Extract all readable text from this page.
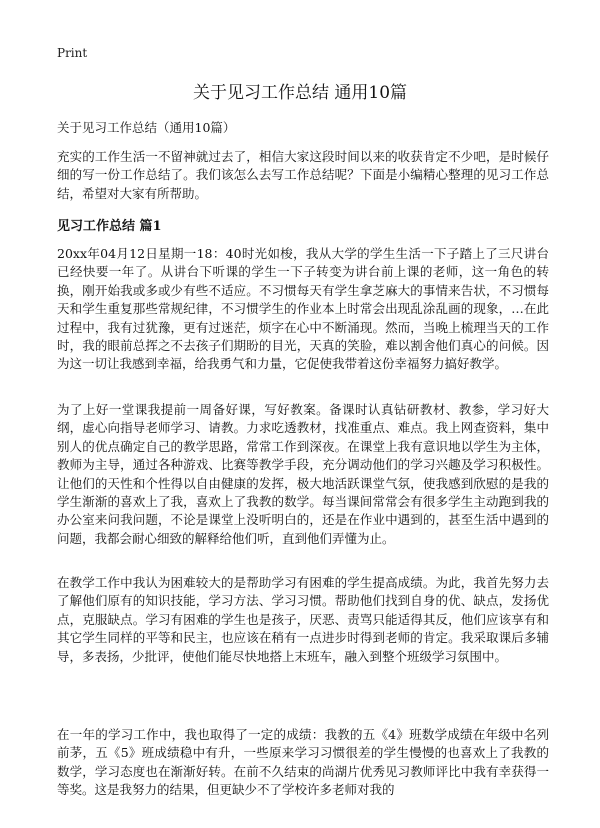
Print
关于见习工作总结 通用10篇

关于见习工作总结（通用10篇）

充实的工作生活一不留神就过去了，相信大家这段时间以来的收获肯定不少吧，是时候仔细的写一份工作总结了。我们该怎么去写工作总结呢？下面是小编精心整理的见习工作总结，希望对大家有所帮助。

见习工作总结 篇1

20xx年04月12日星期一18：40时光如梭，我从大学的学生生活一下子踏上了三尺讲台已经快要一年了。从讲台下听课的学生一下子转变为讲台前上课的老师，这一角色的转换，刚开始我或多或少有些不适应。不习惯每天有学生拿芝麻大的事情来告状，不习惯每天和学生重复那些常规纪律，不习惯学生的作业本上时常会出现乱涂乱画的现象，…在此过程中，我有过犹豫，更有过迷茫，烦字在心中不断涌现。然而，当晚上梳理当天的工作时，我的眼前总挥之不去孩子们期盼的目光，天真的笑脸，难以割舍他们真心的问候。因为这一切让我感到幸福，给我勇气和力量，它促使我带着这份幸福努力搞好教学。

为了上好一堂课我提前一周备好课，写好教案。备课时认真钻研教材、教参，学习好大纲，虚心向指导老师学习、请教。力求吃透教材，找准重点、难点。我上网查资料，集中别人的优点确定自己的教学思路，常常工作到深夜。在课堂上我有意识地以学生为主体，教师为主导，通过各种游戏、比赛等教学手段，充分调动他们的学习兴趣及学习积极性。让他们的天性和个性得以自由健康的发挥，极大地活跃课堂气氛，使我感到欣慰的是我的学生渐渐的喜欢上了我，喜欢上了我教的数学。每当课间常常会有很多学生主动跑到我的办公室来问我问题，不论是课堂上没听明白的，还是在作业中遇到的，甚至生活中遇到的问题，我都会耐心细致的解释给他们听，直到他们弄懂为止。

在教学工作中我认为困难较大的是帮助学习有困难的学生提高成绩。为此，我首先努力去了解他们原有的知识技能，学习方法、学习习惯。帮助他们找到自身的优、缺点，发扬优点，克服缺点。学习有困难的学生也是孩子，厌恶、责骂只能适得其反，他们应该享有和其它学生同样的平等和民主，也应该在稍有一点进步时得到老师的肯定。我采取课后多辅导，多表扬，少批评，使他们能尽快地搭上末班车，融入到整个班级学习氛围中。

在一年的学习工作中，我也取得了一定的成绩：我教的五《4》班数学成绩在年级中名列前茅，五《5》班成绩稳中有升，一些原来学习习惯很差的学生慢慢的也喜欢上了我教的数学，学习态度也在渐渐好转。在前不久结束的尚湖片优秀见习教师评比中我有幸获得一等奖。这是我努力的结果，但更缺少不了学校许多老师对我的
